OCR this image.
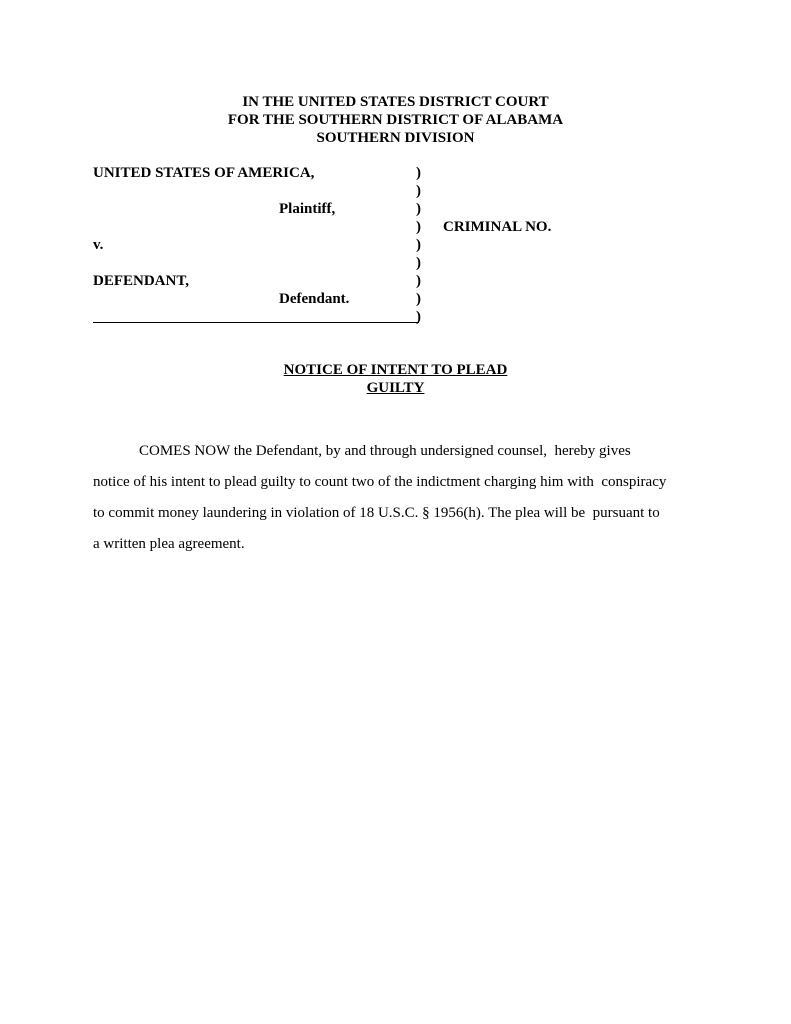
IN THE UNITED STATES DISTRICT COURT
FOR THE SOUTHERN DISTRICT OF ALABAMA
SOUTHERN DIVISION
UNITED STATES OF AMERICA,
Plaintiff,
v.
DEFENDANT,
Defendant.
CRIMINAL NO.
)
)
)
)
)
)
)
)
)
NOTICE OF INTENT TO PLEAD
GUILTY
COMES NOW the Defendant, by and through undersigned counsel,  hereby gives
notice of his intent to plead guilty to count two of the indictment charging him with  conspiracy
to commit money laundering in violation of 18 U.S.C. § 1956(h). The plea will be  pursuant to
a written plea agreement.
